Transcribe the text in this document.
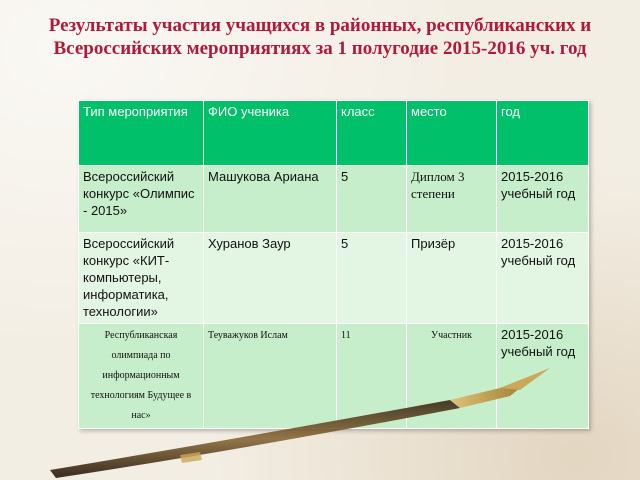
Результаты участия учащихся в районных, республиканских и Всероссийских мероприятиях за 1 полугодие 2015-2016 уч. год
Тип мероприятия	ФИО ученика	класс	место	год
Всероссийский конкурс «Олимпис - 2015»	Машукова Ариана	5	Диплом 3 степени	2015-2016 учебный год
Всероссийский конкурс «КИТ- компьютеры, информатика, технологии»	Хуранов Заур	5	Призёр	2015-2016 учебный год
Республиканская олимпиада по информационным технологиям Будущее в нас»	Теуважуков Ислам	11	Участник	2015-2016 учебный год
